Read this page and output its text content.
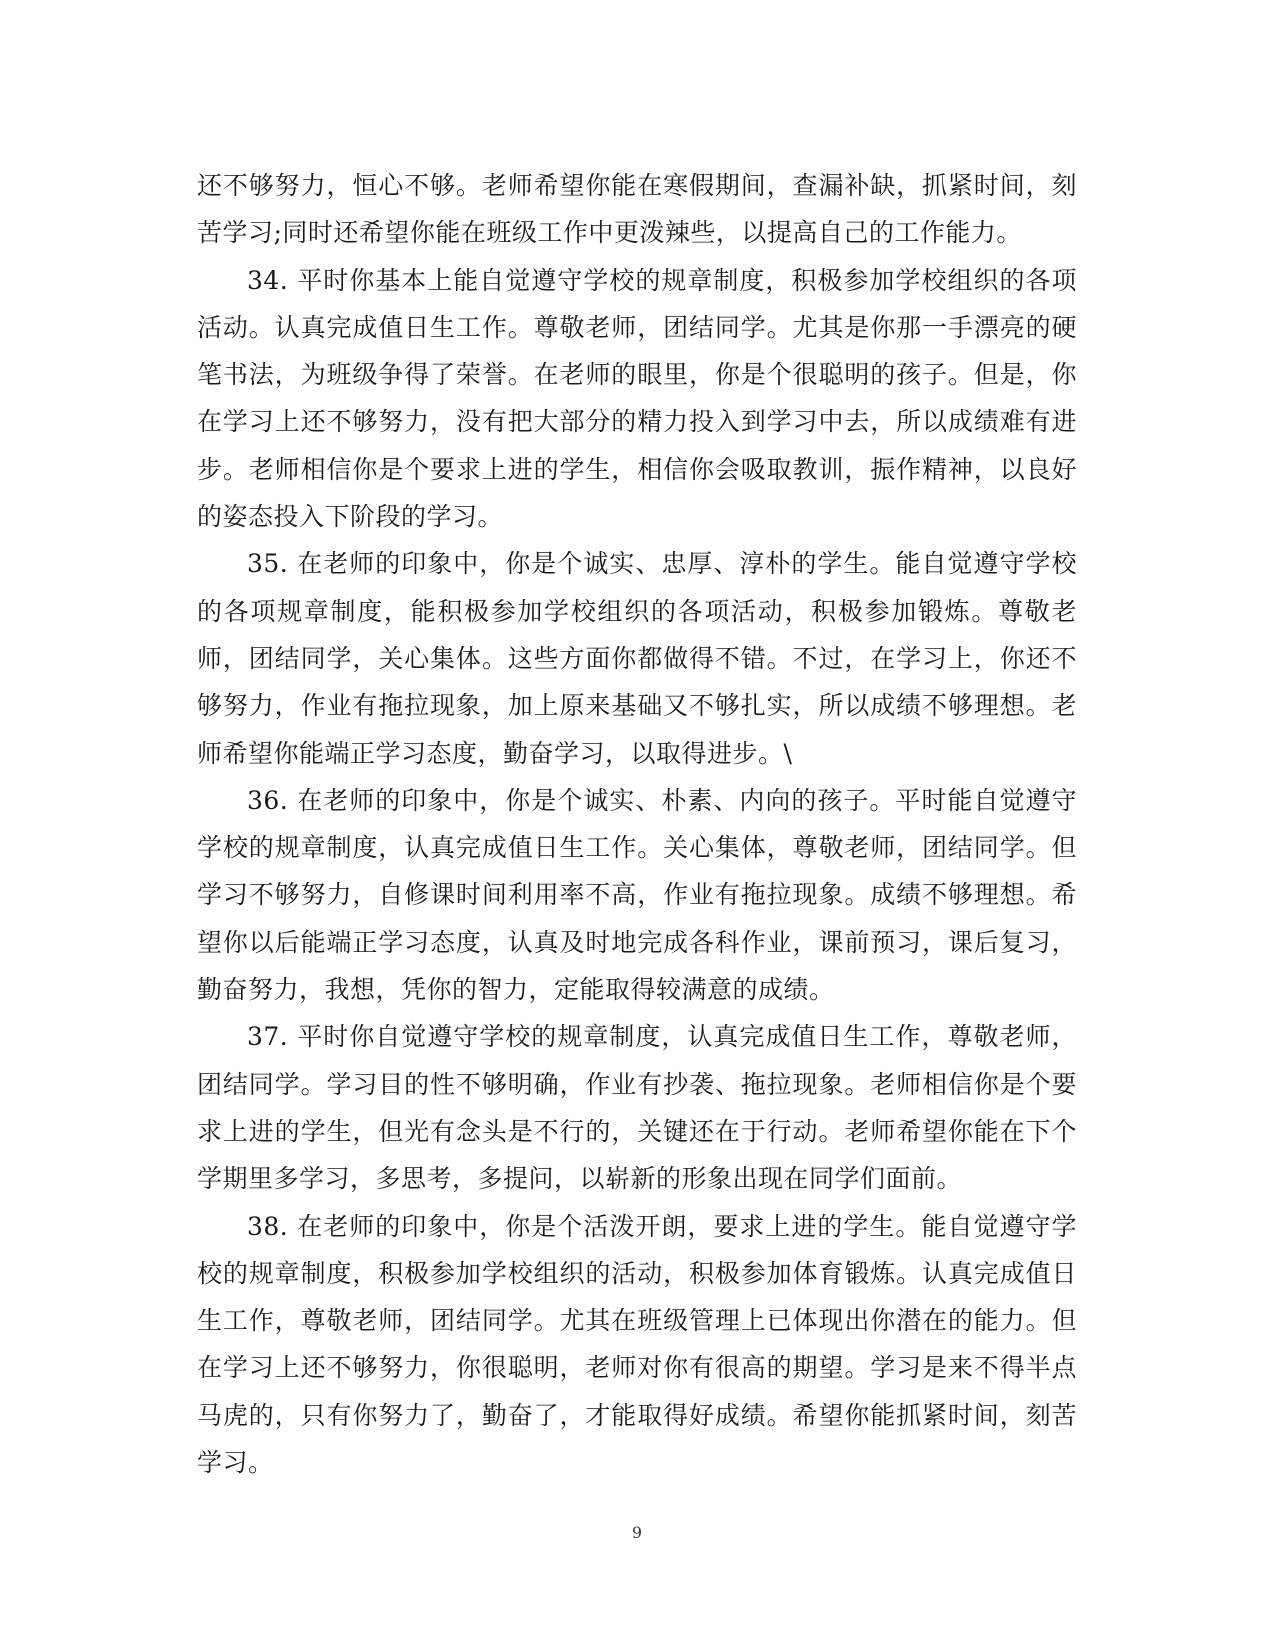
还不够努力，恒心不够。老师希望你能在寒假期间，查漏补缺，抓紧时间，刻苦学习;同时还希望你能在班级工作中更泼辣些，以提高自己的工作能力。

34. 平时你基本上能自觉遵守学校的规章制度，积极参加学校组织的各项活动。认真完成值日生工作。尊敬老师，团结同学。尤其是你那一手漂亮的硬笔书法，为班级争得了荣誉。在老师的眼里，你是个很聪明的孩子。但是，你在学习上还不够努力，没有把大部分的精力投入到学习中去，所以成绩难有进步。老师相信你是个要求上进的学生，相信你会吸取教训，振作精神，以良好的姿态投入下阶段的学习。

35. 在老师的印象中，你是个诚实、忠厚、淳朴的学生。能自觉遵守学校的各项规章制度，能积极参加学校组织的各项活动，积极参加锻炼。尊敬老师，团结同学，关心集体。这些方面你都做得不错。不过，在学习上，你还不够努力，作业有拖拉现象，加上原来基础又不够扎实，所以成绩不够理想。老师希望你能端正学习态度，勤奋学习，以取得进步。\

36. 在老师的印象中，你是个诚实、朴素、内向的孩子。平时能自觉遵守学校的规章制度，认真完成值日生工作。关心集体，尊敬老师，团结同学。但学习不够努力，自修课时间利用率不高，作业有拖拉现象。成绩不够理想。希望你以后能端正学习态度，认真及时地完成各科作业，课前预习，课后复习，勤奋努力，我想，凭你的智力，定能取得较满意的成绩。

37. 平时你自觉遵守学校的规章制度，认真完成值日生工作，尊敬老师，团结同学。学习目的性不够明确，作业有抄袭、拖拉现象。老师相信你是个要求上进的学生，但光有念头是不行的，关键还在于行动。老师希望你能在下个学期里多学习，多思考，多提问，以崭新的形象出现在同学们面前。

38. 在老师的印象中，你是个活泼开朗，要求上进的学生。能自觉遵守学校的规章制度，积极参加学校组织的活动，积极参加体育锻炼。认真完成值日生工作，尊敬老师，团结同学。尤其在班级管理上已体现出你潜在的能力。但在学习上还不够努力，你很聪明，老师对你有很高的期望。学习是来不得半点马虎的，只有你努力了，勤奋了，才能取得好成绩。希望你能抓紧时间，刻苦学习。

9
